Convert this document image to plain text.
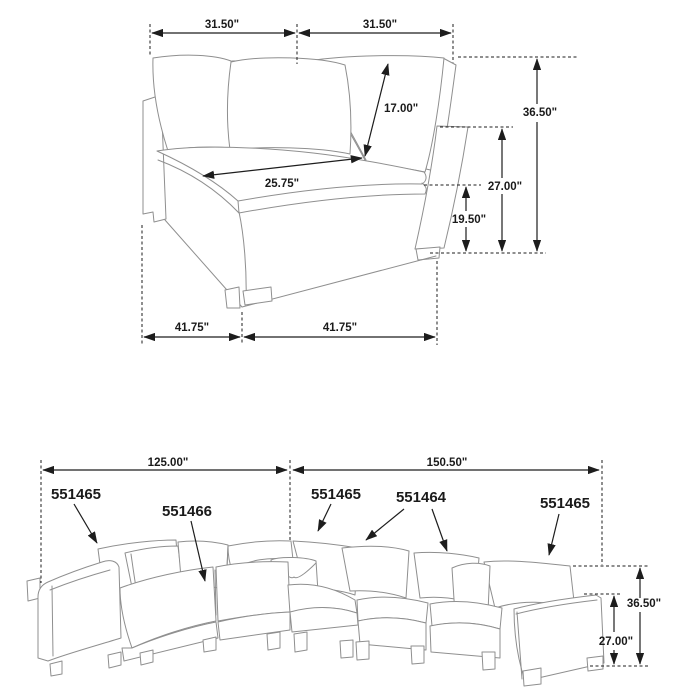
31.50"	31.50"
17.00"
25.75"
36.50"
27.00"
19.50"
41.75"	41.75"
125.00"	150.50"
551465
551466
551465 551464	551465
36.50"
27.00"
